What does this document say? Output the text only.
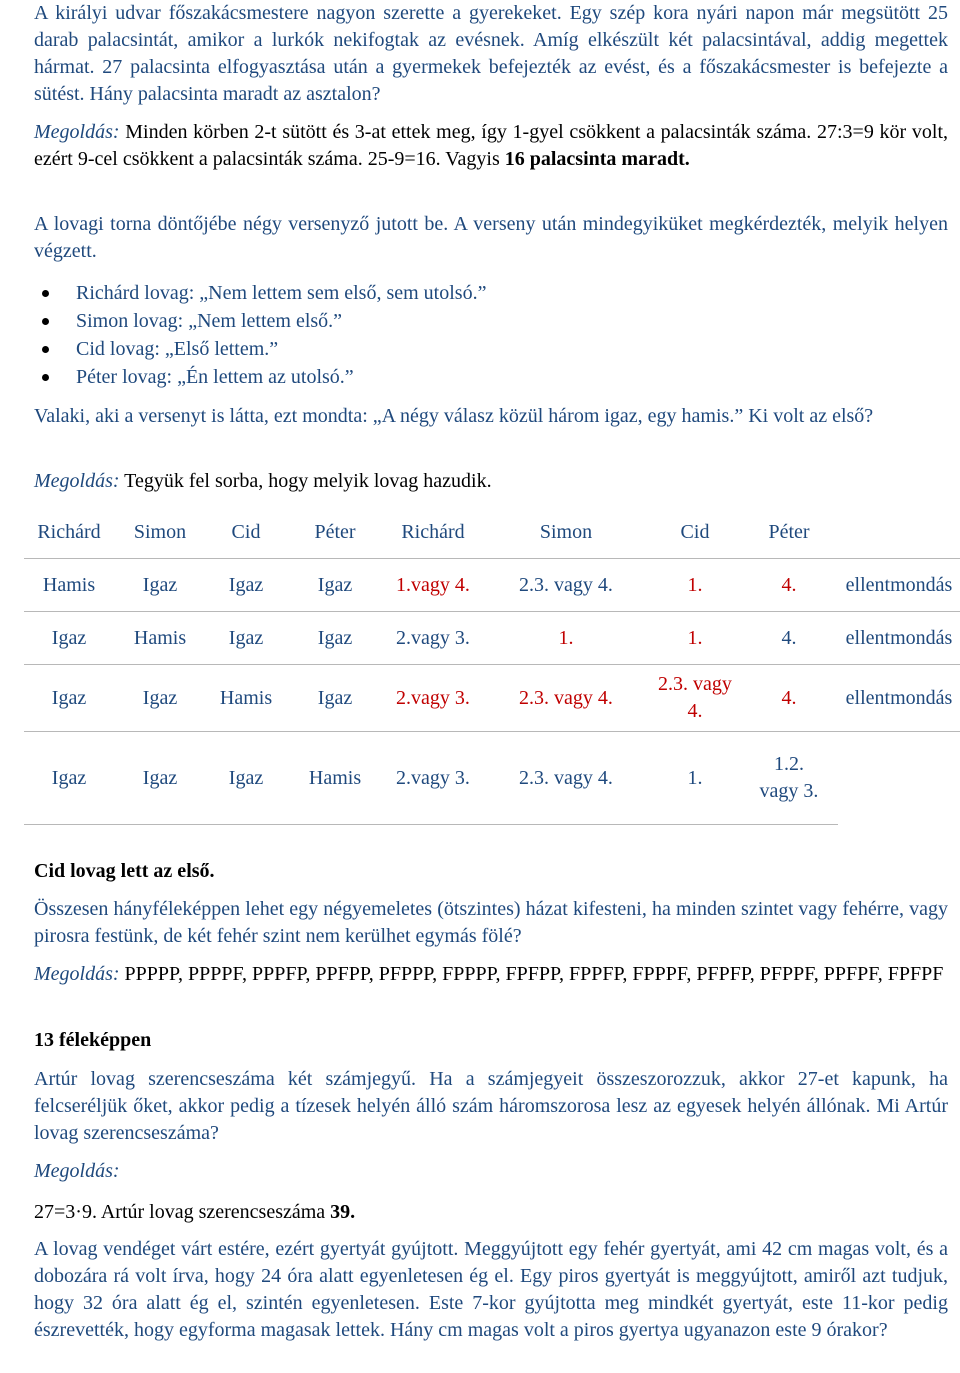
A királyi udvar főszakácsmestere nagyon szerette a gyerekeket. Egy szép kora nyári napon már megsütött 25 darab palacsintát, amikor a lurkók nekifogtak az evésnek. Amíg elkészült két palacsintával, addig megettek hármat. 27 palacsinta elfogyasztása után a gyermekek befejezték az evést, és a főszakácsmester is befejezte a sütést. Hány palacsinta maradt az asztalon?
Megoldás: Minden körben 2-t sütött és 3-at ettek meg, így 1-gyel csökkent a palacsinták száma. 27:3=9 kör volt, ezért 9-cel csökkent a palacsinták száma. 25-9=16. Vagyis 16 palacsinta maradt.
A lovagi torna döntőjébe négy versenyző jutott be. A verseny után mindegyiküket megkérdezték, melyik helyen végzett.
Richárd lovag: „Nem lettem sem első, sem utolsó.”
Simon lovag: „Nem lettem első.”
Cid lovag: „Első lettem.”
Péter lovag: „Én lettem az utolsó.”
Valaki, aki a versenyt is látta, ezt mondta: „A négy válasz közül három igaz, egy hamis.” Ki volt az első?
Megoldás: Tegyük fel sorba, hogy melyik lovag hazudik.
Richárd	Simon	Cid	Péter	Richárd	Simon	Cid	Péter	
Hamis	Igaz	Igaz	Igaz	1.vagy 4.	2.3. vagy 4.	1.	4.	ellentmondás
Igaz	Hamis	Igaz	Igaz	2.vagy 3.	1.	1.	4.	ellentmondás
Igaz	Igaz	Hamis	Igaz	2.vagy 3.	2.3. vagy 4.	2.3. vagy 4.	4.	ellentmondás
Igaz	Igaz	Igaz	Hamis	2.vagy 3.	2.3. vagy 4.	1.	1.2. vagy 3.	
Cid lovag lett az első.
Összesen hányféleképpen lehet egy négyemeletes (ötszintes) házat kifesteni, ha minden szintet vagy fehérre, vagy pirosra festünk, de két fehér szint nem kerülhet egymás fölé?
Megoldás: PPPPP, PPPPF, PPPFP, PPFPP, PFPPP, FPPPP, FPFPP, FPPFP, FPPPF, PFPFP, PFPPF, PPFPF, FPFPF
13 féleképpen
Artúr lovag szerencseszáma két számjegyű. Ha a számjegyeit összeszorozzuk, akkor 27-et kapunk, ha felcseréljük őket, akkor pedig a tízesek helyén álló szám háromszorosa lesz az egyesek helyén állónak. Mi Artúr lovag szerencseszáma?
Megoldás:
27=3·9. Artúr lovag szerencseszáma 39.
A lovag vendéget várt estére, ezért gyertyát gyújtott. Meggyújtott egy fehér gyertyát, ami 42 cm magas volt, és a dobozára rá volt írva, hogy 24 óra alatt egyenletesen ég el. Egy piros gyertyát is meggyújtott, amiről azt tudjuk, hogy 32 óra alatt ég el, szintén egyenletesen. Este 7-kor gyújtotta meg mindkét gyertyát, este 11-kor pedig észrevették, hogy egyforma magasak lettek. Hány cm magas volt a piros gyertya ugyanazon este 9 órakor?
